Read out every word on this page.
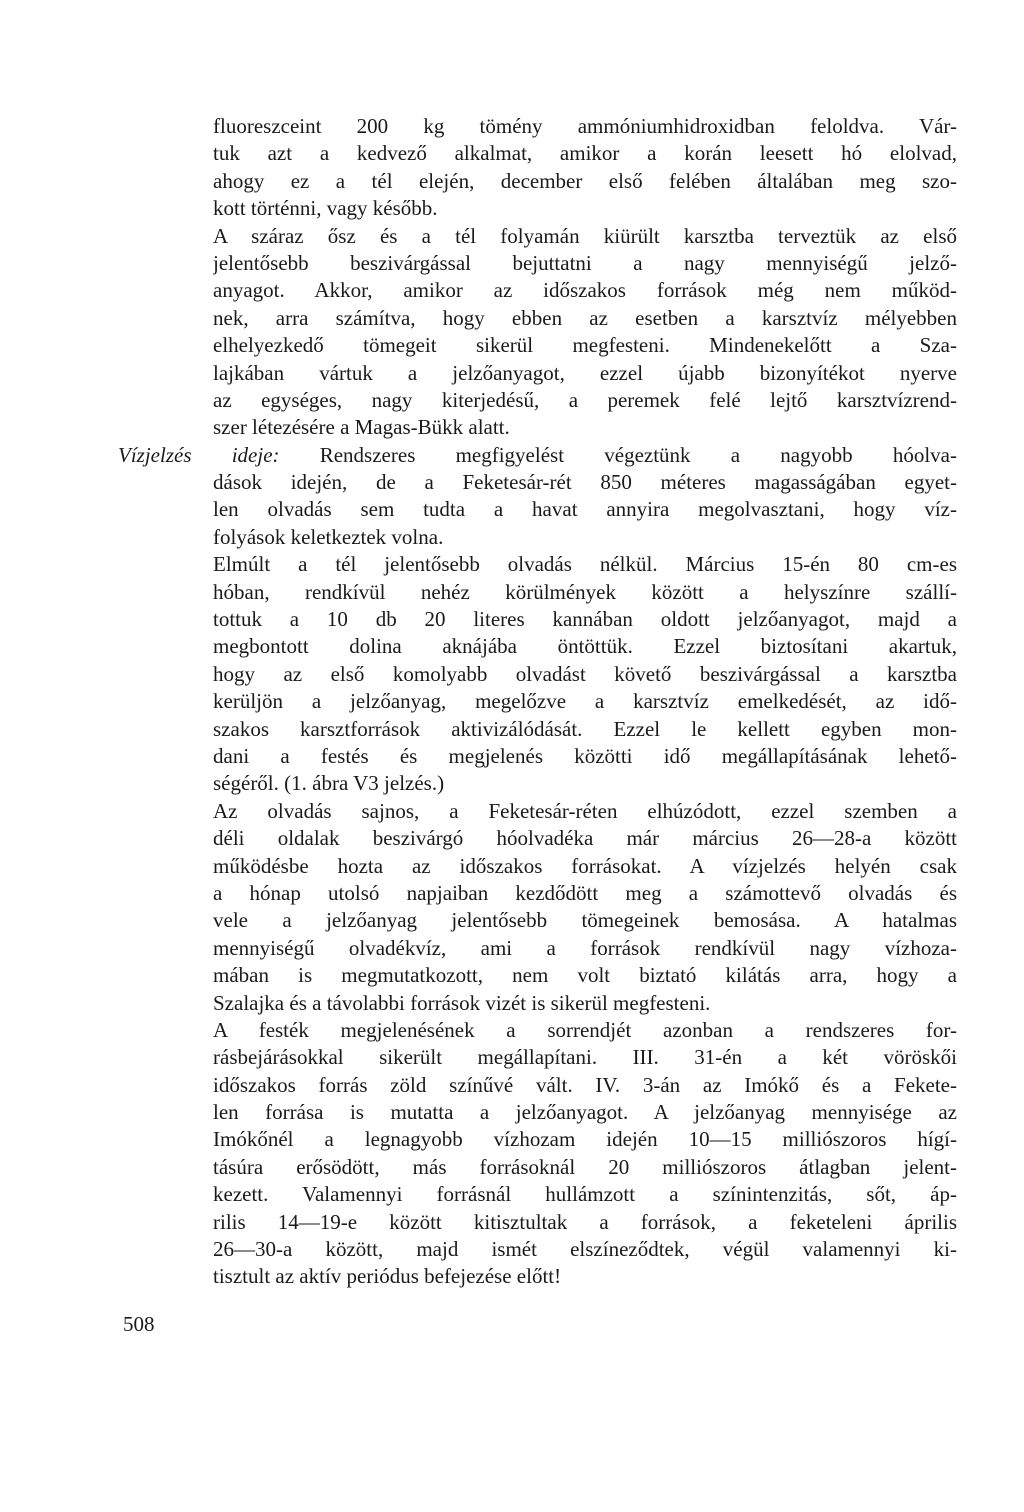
fluoreszceint 200 kg tömény ammóniumhidroxidban feloldva. Vár-
tuk azt a kedvező alkalmat, amikor a korán leesett hó elolvad,
ahogy ez a tél elején, december első felében általában meg szo-
kott történni, vagy később.
A száraz ősz és a tél folyamán kiürült karsztba terveztük az első
jelentősebb beszivárgással bejuttatni a nagy mennyiségű jelző-
anyagot. Akkor, amikor az időszakos források még nem működ-
nek, arra számítva, hogy ebben az esetben a karsztvíz mélyebben
elhelyezkedő tömegeit sikerül megfesteni. Mindenekelőtt a Sza-
lajkában vártuk a jelzőanyagot, ezzel újabb bizonyítékot nyerve
az egységes, nagy kiterjedésű, a peremek felé lejtő karsztvízrend-
szer létezésére a Magas-Bükk alatt.
Vízjelzés ideje: Rendszeres megfigyelést végeztünk a nagyobb hóolva-
dások idején, de a Feketesár-rét 850 méteres magasságában egyet-
len olvadás sem tudta a havat annyira megolvasztani, hogy víz-
folyások keletkeztek volna.
Elmúlt a tél jelentősebb olvadás nélkül. Március 15-én 80 cm-es
hóban, rendkívül nehéz körülmények között a helyszínre szállí-
tottuk a 10 db 20 literes kannában oldott jelzőanyagot, majd a
megbontott dolina aknájába öntöttük. Ezzel biztosítani akartuk,
hogy az első komolyabb olvadást követő beszivárgással a karsztba
kerüljön a jelzőanyag, megelőzve a karsztvíz emelkedését, az idő-
szakos karsztforrások aktivizálódását. Ezzel le kellett egyben mon-
dani a festés és megjelenés közötti idő megállapításának lehető-
ségéről. (1. ábra V3 jelzés.)
Az olvadás sajnos, a Feketesár-réten elhúzódott, ezzel szemben a
déli oldalak beszivárgó hóolvadéka már március 26—28-a között
működésbe hozta az időszakos forrásokat. A vízjelzés helyén csak
a hónap utolsó napjaiban kezdődött meg a számottevő olvadás és
vele a jelzőanyag jelentősebb tömegeinek bemosása. A hatalmas
mennyiségű olvadékvíz, ami a források rendkívül nagy vízhoza-
mában is megmutatkozott, nem volt biztató kilátás arra, hogy a
Szalajka és a távolabbi források vizét is sikerül megfesteni.
A festék megjelenésének a sorrendjét azonban a rendszeres for-
rásbejárásokkal sikerült megállapítani. III. 31-én a két vöröskői
időszakos forrás zöld színűvé vált. IV. 3-án az Imókő és a Fekete-
len forrása is mutatta a jelzőanyagot. A jelzőanyag mennyisége az
Imókőnél a legnagyobb vízhozam idején 10—15 milliószoros hígí-
tásúra erősödött, más forrásoknál 20 milliószoros átlagban jelent-
kezett. Valamennyi forrásnál hullámzott a színintenzitás, sőt, áp-
rilis 14—19-e között kitisztultak a források, a feketeleni április
26—30-a között, majd ismét elszíneződtek, végül valamennyi ki-
tisztult az aktív periódus befejezése előtt!
508
